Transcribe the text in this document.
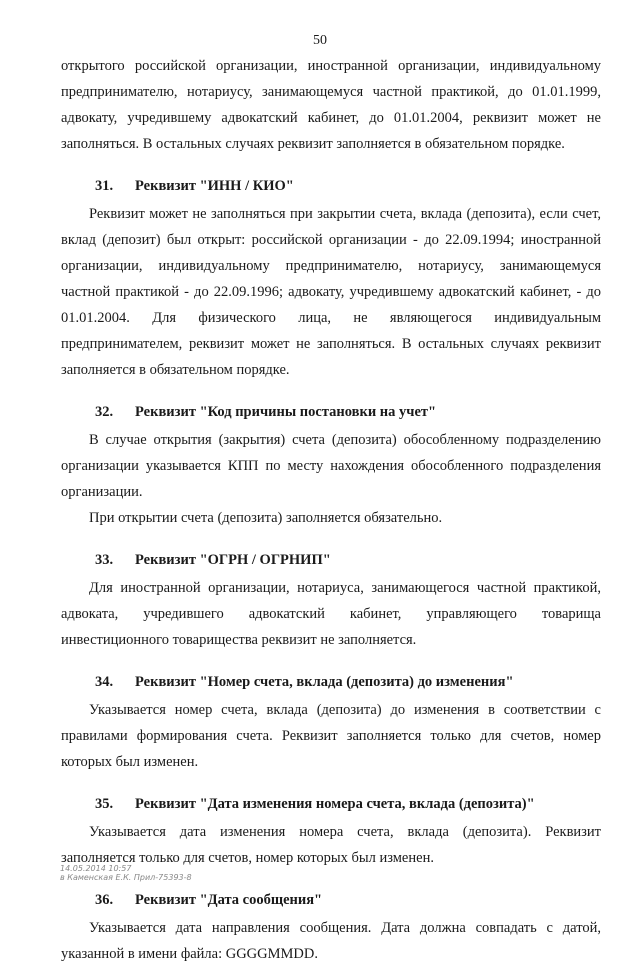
50

открытого российской организации, иностранной организации, индивидуальному предпринимателю, нотариусу, занимающемуся частной практикой, до 01.01.1999, адвокату, учредившему адвокатский кабинет, до 01.01.2004, реквизит может не заполняться. В остальных случаях реквизит заполняется в обязательном порядке.

31. Реквизит "ИНН / КИО"

Реквизит может не заполняться при закрытии счета, вклада (депозита), если счет, вклад (депозит) был открыт: российской организации - до 22.09.1994; иностранной организации, индивидуальному предпринимателю, нотариусу, занимающемуся частной практикой - до 22.09.1996; адвокату, учредившему адвокатский кабинет, - до 01.01.2004. Для физического лица, не являющегося индивидуальным предпринимателем, реквизит может не заполняться. В остальных случаях реквизит заполняется в обязательном порядке.

32. Реквизит "Код причины постановки на учет"

В случае открытия (закрытия) счета (депозита) обособленному подразделению организации указывается КПП по месту нахождения обособленного подразделения организации.

При открытии счета (депозита) заполняется обязательно.

33. Реквизит "ОГРН / ОГРНИП"

Для иностранной организации, нотариуса, занимающегося частной практикой, адвоката, учредившего адвокатский кабинет, управляющего товарища инвестиционного товарищества реквизит не заполняется.

34. Реквизит "Номер счета, вклада (депозита) до изменения"

Указывается номер счета, вклада (депозита) до изменения в соответствии с правилами формирования счета. Реквизит заполняется только для счетов, номер которых был изменен.

35. Реквизит "Дата изменения номера счета, вклада (депозита)"

Указывается дата изменения номера счета, вклада (депозита). Реквизит заполняется только для счетов, номер которых был изменен.

36. Реквизит "Дата сообщения"

Указывается дата направления сообщения. Дата должна совпадать с датой, указанной в имени файла: GGGGMMDD.

14.05.2014 10:57
в Каменская Е.К. Прил-75393-8
